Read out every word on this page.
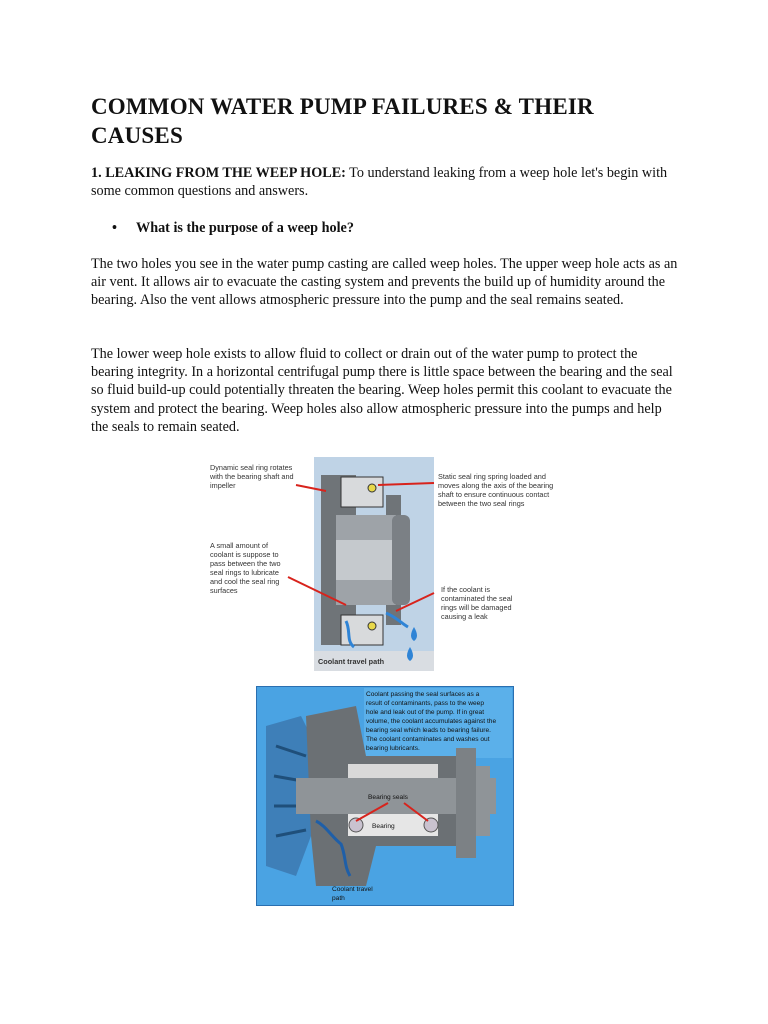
COMMON WATER PUMP FAILURES & THEIR CAUSES

1. LEAKING FROM THE WEEP HOLE: To understand leaking from a weep hole let's begin with some common questions and answers.

• What is the purpose of a weep hole?

The two holes you see in the water pump casting are called weep holes. The upper weep hole acts as an air vent. It allows air to evacuate the casting system and prevents the build up of humidity around the bearing. Also the vent allows atmospheric pressure into the pump and the seal remains seated.

The lower weep hole exists to allow fluid to collect or drain out of the water pump to protect the bearing integrity. In a horizontal centrifugal pump there is little space between the bearing and the seal so fluid build-up could potentially threaten the bearing. Weep holes permit this coolant to evacuate the system and protect the bearing. Weep holes also allow atmospheric pressure into the pumps and help the seals to remain seated.

Dynamic seal ring rotates with the bearing shaft and impeller
Static seal ring spring loaded and moves along the axis of the bearing shaft to ensure continuous contact between the two seal rings
A small amount of coolant is suppose to pass between the two seal rings to lubricate and cool the seal ring surfaces	If the coolant is contaminated the seal rings will be damaged causing a leak
Coolant travel path
Coolant passing the seal surfaces as a result of contaminants, pass to the weep hole and leak out of the pump. If in great volume, the coolant accumulates against the bearing seal which leads to bearing failure. The coolant contaminates and washes out bearing lubricants.
Bearing seals
Bearing
Coolant travel path
